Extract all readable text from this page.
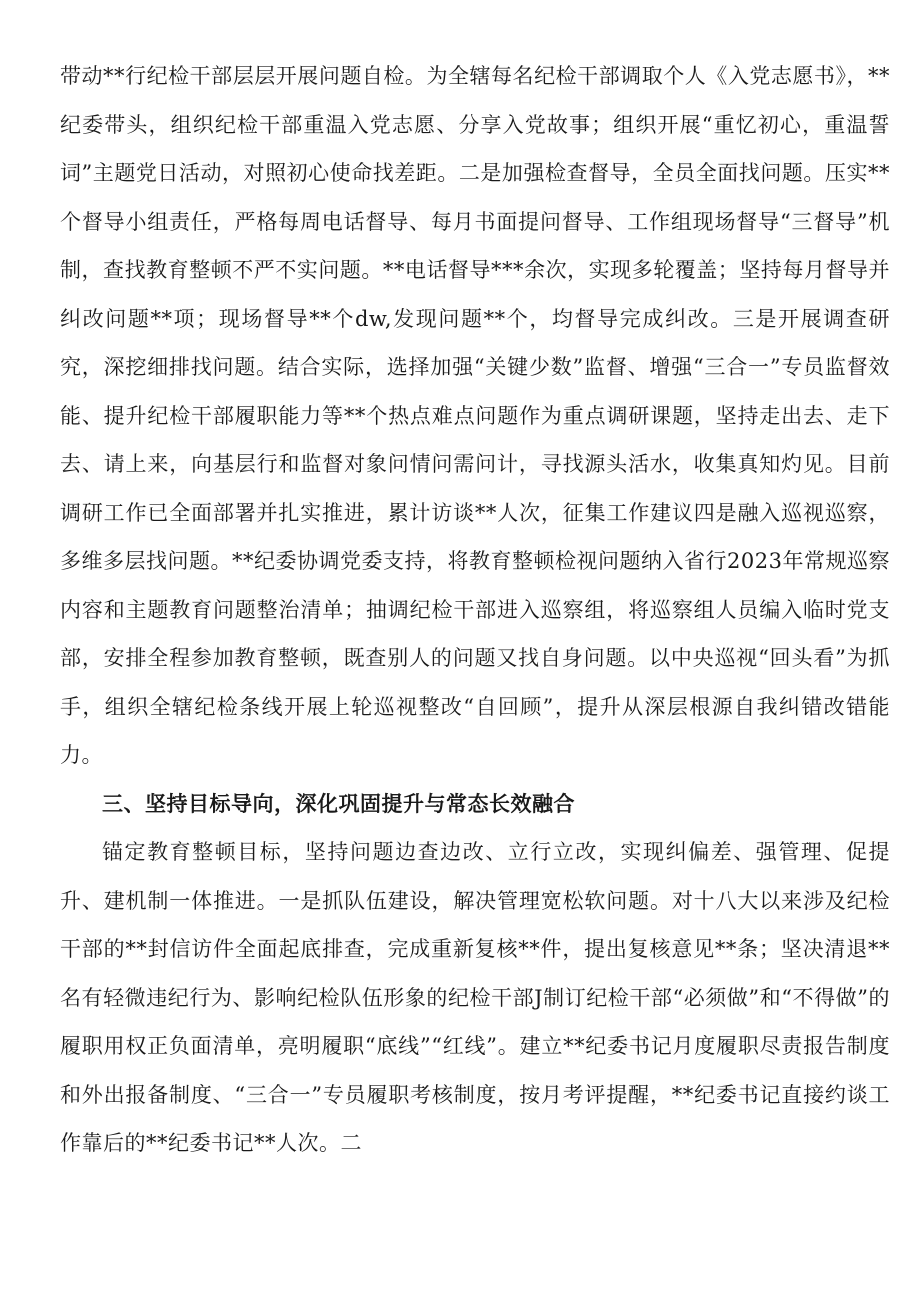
带动**行纪检干部层层开展问题自检。为全辖每名纪检干部调取个人《入党志愿书》，**纪委带头，组织纪检干部重温入党志愿、分享入党故事；组织开展“重忆初心，重温誓词”主题党日活动，对照初心使命找差距。二是加强检查督导，全员全面找问题。压实**个督导小组责任，严格每周电话督导、每月书面提问督导、工作组现场督导“三督导”机制，查找教育整顿不严不实问题。**电话督导***余次，实现多轮覆盖；坚持每月督导并纠改问题**项；现场督导**个dw,发现问题**个，均督导完成纠改。三是开展调查研究，深挖细排找问题。结合实际，选择加强“关键少数”监督、增强“三合一”专员监督效能、提升纪检干部履职能力等**个热点难点问题作为重点调研课题，坚持走出去、走下去、请上来，向基层行和监督对象问情问需问计，寻找源头活水，收集真知灼见。目前调研工作已全面部署并扎实推进，累计访谈**人次，征集工作建议四是融入巡视巡察，多维多层找问题。**纪委协调党委支持，将教育整顿检视问题纳入省行2023年常规巡察内容和主题教育问题整治清单；抽调纪检干部进入巡察组，将巡察组人员编入临时党支部，安排全程参加教育整顿，既查别人的问题又找自身问题。以中央巡视“回头看”为抓手，组织全辖纪检条线开展上轮巡视整改“自回顾”，提升从深层根源自我纠错改错能力。

三、坚持目标导向，深化巩固提升与常态长效融合

锚定教育整顿目标，坚持问题边查边改、立行立改，实现纠偏差、强管理、促提升、建机制一体推进。一是抓队伍建设，解决管理宽松软问题。对十八大以来涉及纪检干部的**封信访件全面起底排查，完成重新复核**件，提出复核意见**条；坚决清退**名有轻微违纪行为、影响纪检队伍形象的纪检干部J制订纪检干部“必须做”和“不得做”的履职用权正负面清单，亮明履职“底线”“红线”。建立**纪委书记月度履职尽责报告制度和外出报备制度、“三合一”专员履职考核制度，按月考评提醒，**纪委书记直接约谈工作靠后的**纪委书记**人次。二
